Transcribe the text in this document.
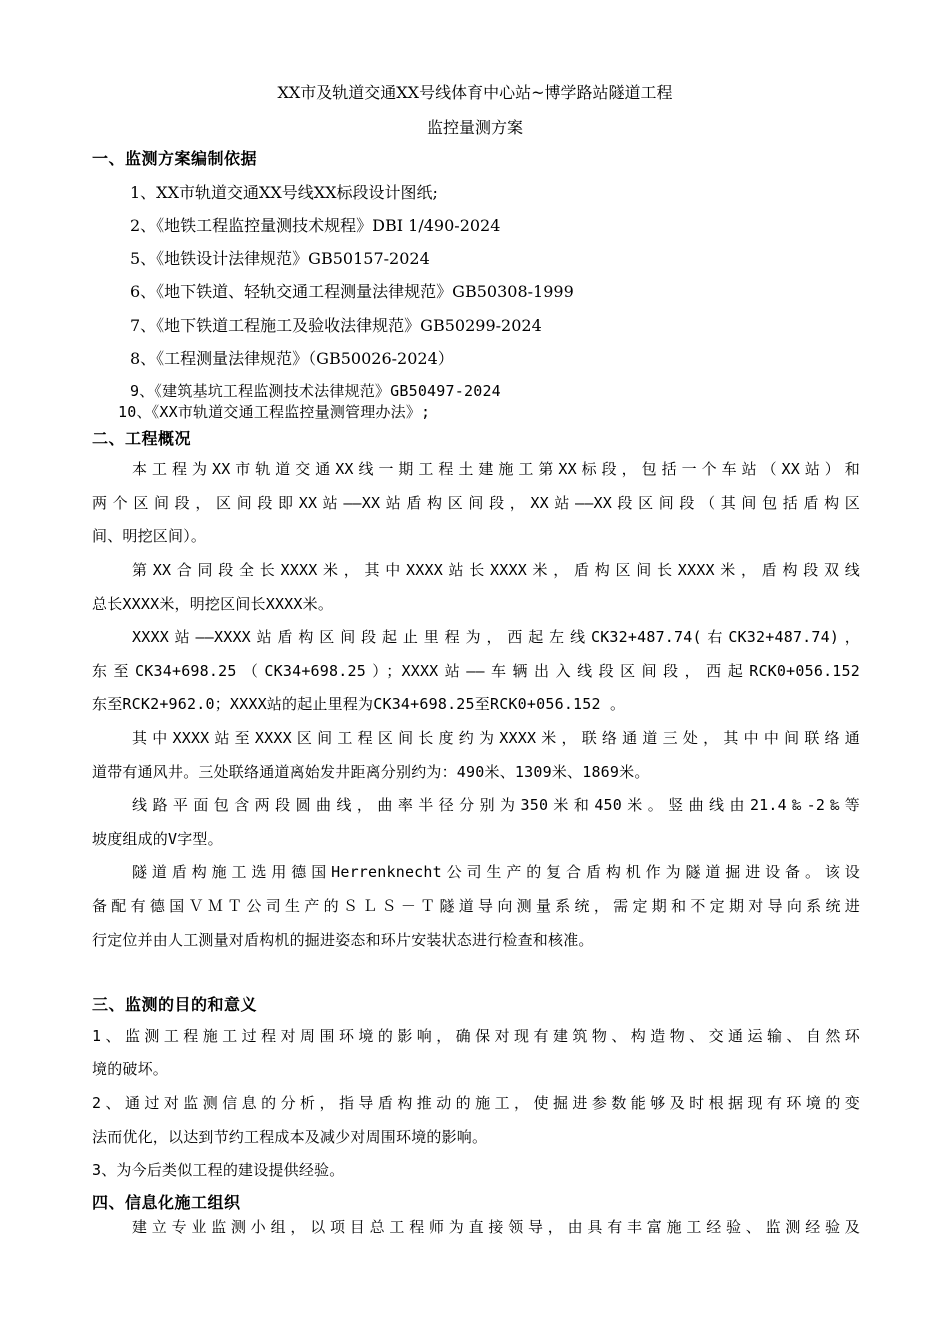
XX市及轨道交通XX号线体育中心站~博学路站隧道工程
监控量测方案
一、监测方案编制依据
1、XX市轨道交通XX号线XX标段设计图纸;
2、《地铁工程监控量测技术规程》DBI 1/490-2024
5、《地铁设计法律规范》GB50157-2024
6、《地下铁道、轻轨交通工程测量法律规范》GB50308-1999
7、《地下铁道工程施工及验收法律规范》GB50299-2024
8、《工程测量法律规范》（GB50026-2024）
9、《建筑基坑工程监测技术法律规范》GB50497-2024
10、《XX市轨道交通工程监控量测管理办法》;
二、工程概况
本工程为XX市轨道交通XX线一期工程土建施工第XX标段，包括一个车站（XX站）和
两个区间段，区间段即XX站——XX站盾构区间段，XX站——XX段区间段（其间包括盾构区
间、明挖区间）。
第XX合同段全长XXXX米，其中XXXX站长XXXX米，盾构区间长XXXX米，盾构段双线
总长XXXX米，明挖区间长XXXX米。
XXXX站——XXXX站盾构区间段起止里程为，西起左线CK32+487.74(右CK32+487.74)，
东至CK34+698.25（CK34+698.25）；XXXX站——车辆出入线段区间段，西起RCK0+056.152
东至RCK2+962.0；XXXX站的起止里程为CK34+698.25至RCK0+056.152 。
其中XXXX站至XXXX区间工程区间长度约为XXXX米，联络通道三处，其中中间联络通
道带有通风井。三处联络通道离始发井距离分别约为：490米、1309米、1869米。
线路平面包含两段圆曲线，曲率半径分别为350米和450米。竖曲线由21.4‰-2‰等
坡度组成的V字型。
隧道盾构施工选用德国Herrenknecht公司生产的复合盾构机作为隧道掘进设备。该设
备配有德国ＶＭＴ公司生产的ＳＬＳ－Ｔ隧道导向测量系统，需定期和不定期对导向系统进
行定位并由人工测量对盾构机的掘进姿态和环片安装状态进行检查和核准。
三、监测的目的和意义
1、监测工程施工过程对周围环境的影响，确保对现有建筑物、构造物、交通运输、自然环
境的破坏。
2、通过对监测信息的分析，指导盾构推动的施工，使掘进参数能够及时根据现有环境的变
法而优化，以达到节约工程成本及减少对周围环境的影响。
3、为今后类似工程的建设提供经验。
四、信息化施工组织
建立专业监测小组，以项目总工程师为直接领导，由具有丰富施工经验、监测经验及
